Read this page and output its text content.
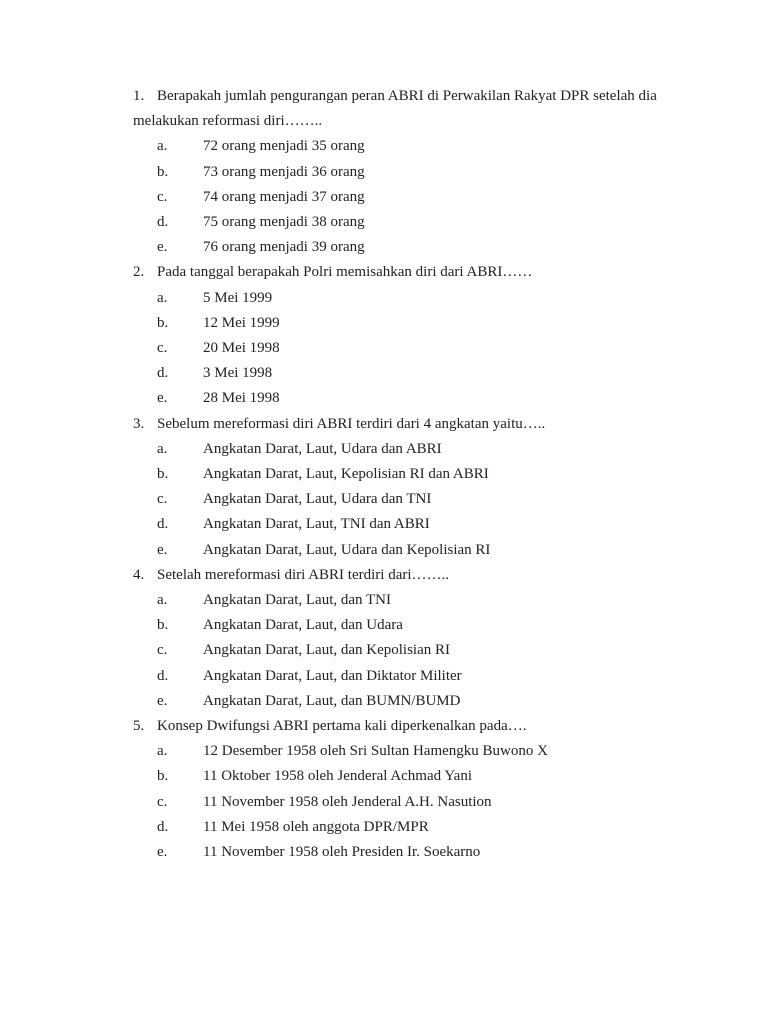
1. Berapakah jumlah pengurangan peran ABRI di Perwakilan Rakyat DPR setelah dia
melakukan reformasi diri……..
a.	72 orang menjadi 35 orang
b.	73 orang menjadi 36 orang
c.	74 orang menjadi 37 orang
d.	75 orang menjadi 38 orang
e.	76 orang menjadi 39 orang
2. Pada tanggal berapakah Polri memisahkan diri dari ABRI……
a.	5 Mei 1999
b.	12 Mei 1999
c.	20 Mei 1998
d.	3 Mei 1998
e.	28 Mei 1998
3. Sebelum mereformasi diri ABRI terdiri dari 4 angkatan yaitu…..
a.	Angkatan Darat, Laut, Udara dan ABRI
b.	Angkatan Darat, Laut, Kepolisian RI dan ABRI
c.	Angkatan Darat, Laut, Udara dan TNI
d.	Angkatan Darat, Laut, TNI dan ABRI
e.	Angkatan Darat, Laut, Udara dan Kepolisian RI
4. Setelah mereformasi diri ABRI terdiri dari……..
a.	Angkatan Darat, Laut, dan TNI
b.	Angkatan Darat, Laut, dan Udara
c.	Angkatan Darat, Laut, dan Kepolisian RI
d.	Angkatan Darat, Laut, dan Diktator Militer
e.	Angkatan Darat, Laut, dan BUMN/BUMD
5. Konsep Dwifungsi ABRI pertama kali diperkenalkan pada….
a.	12 Desember 1958 oleh Sri Sultan Hamengku Buwono X
b.	11 Oktober 1958 oleh Jenderal Achmad Yani
c.	11 November 1958 oleh Jenderal A.H. Nasution
d.	11 Mei 1958 oleh anggota DPR/MPR
e.	11 November 1958 oleh Presiden Ir. Soekarno
